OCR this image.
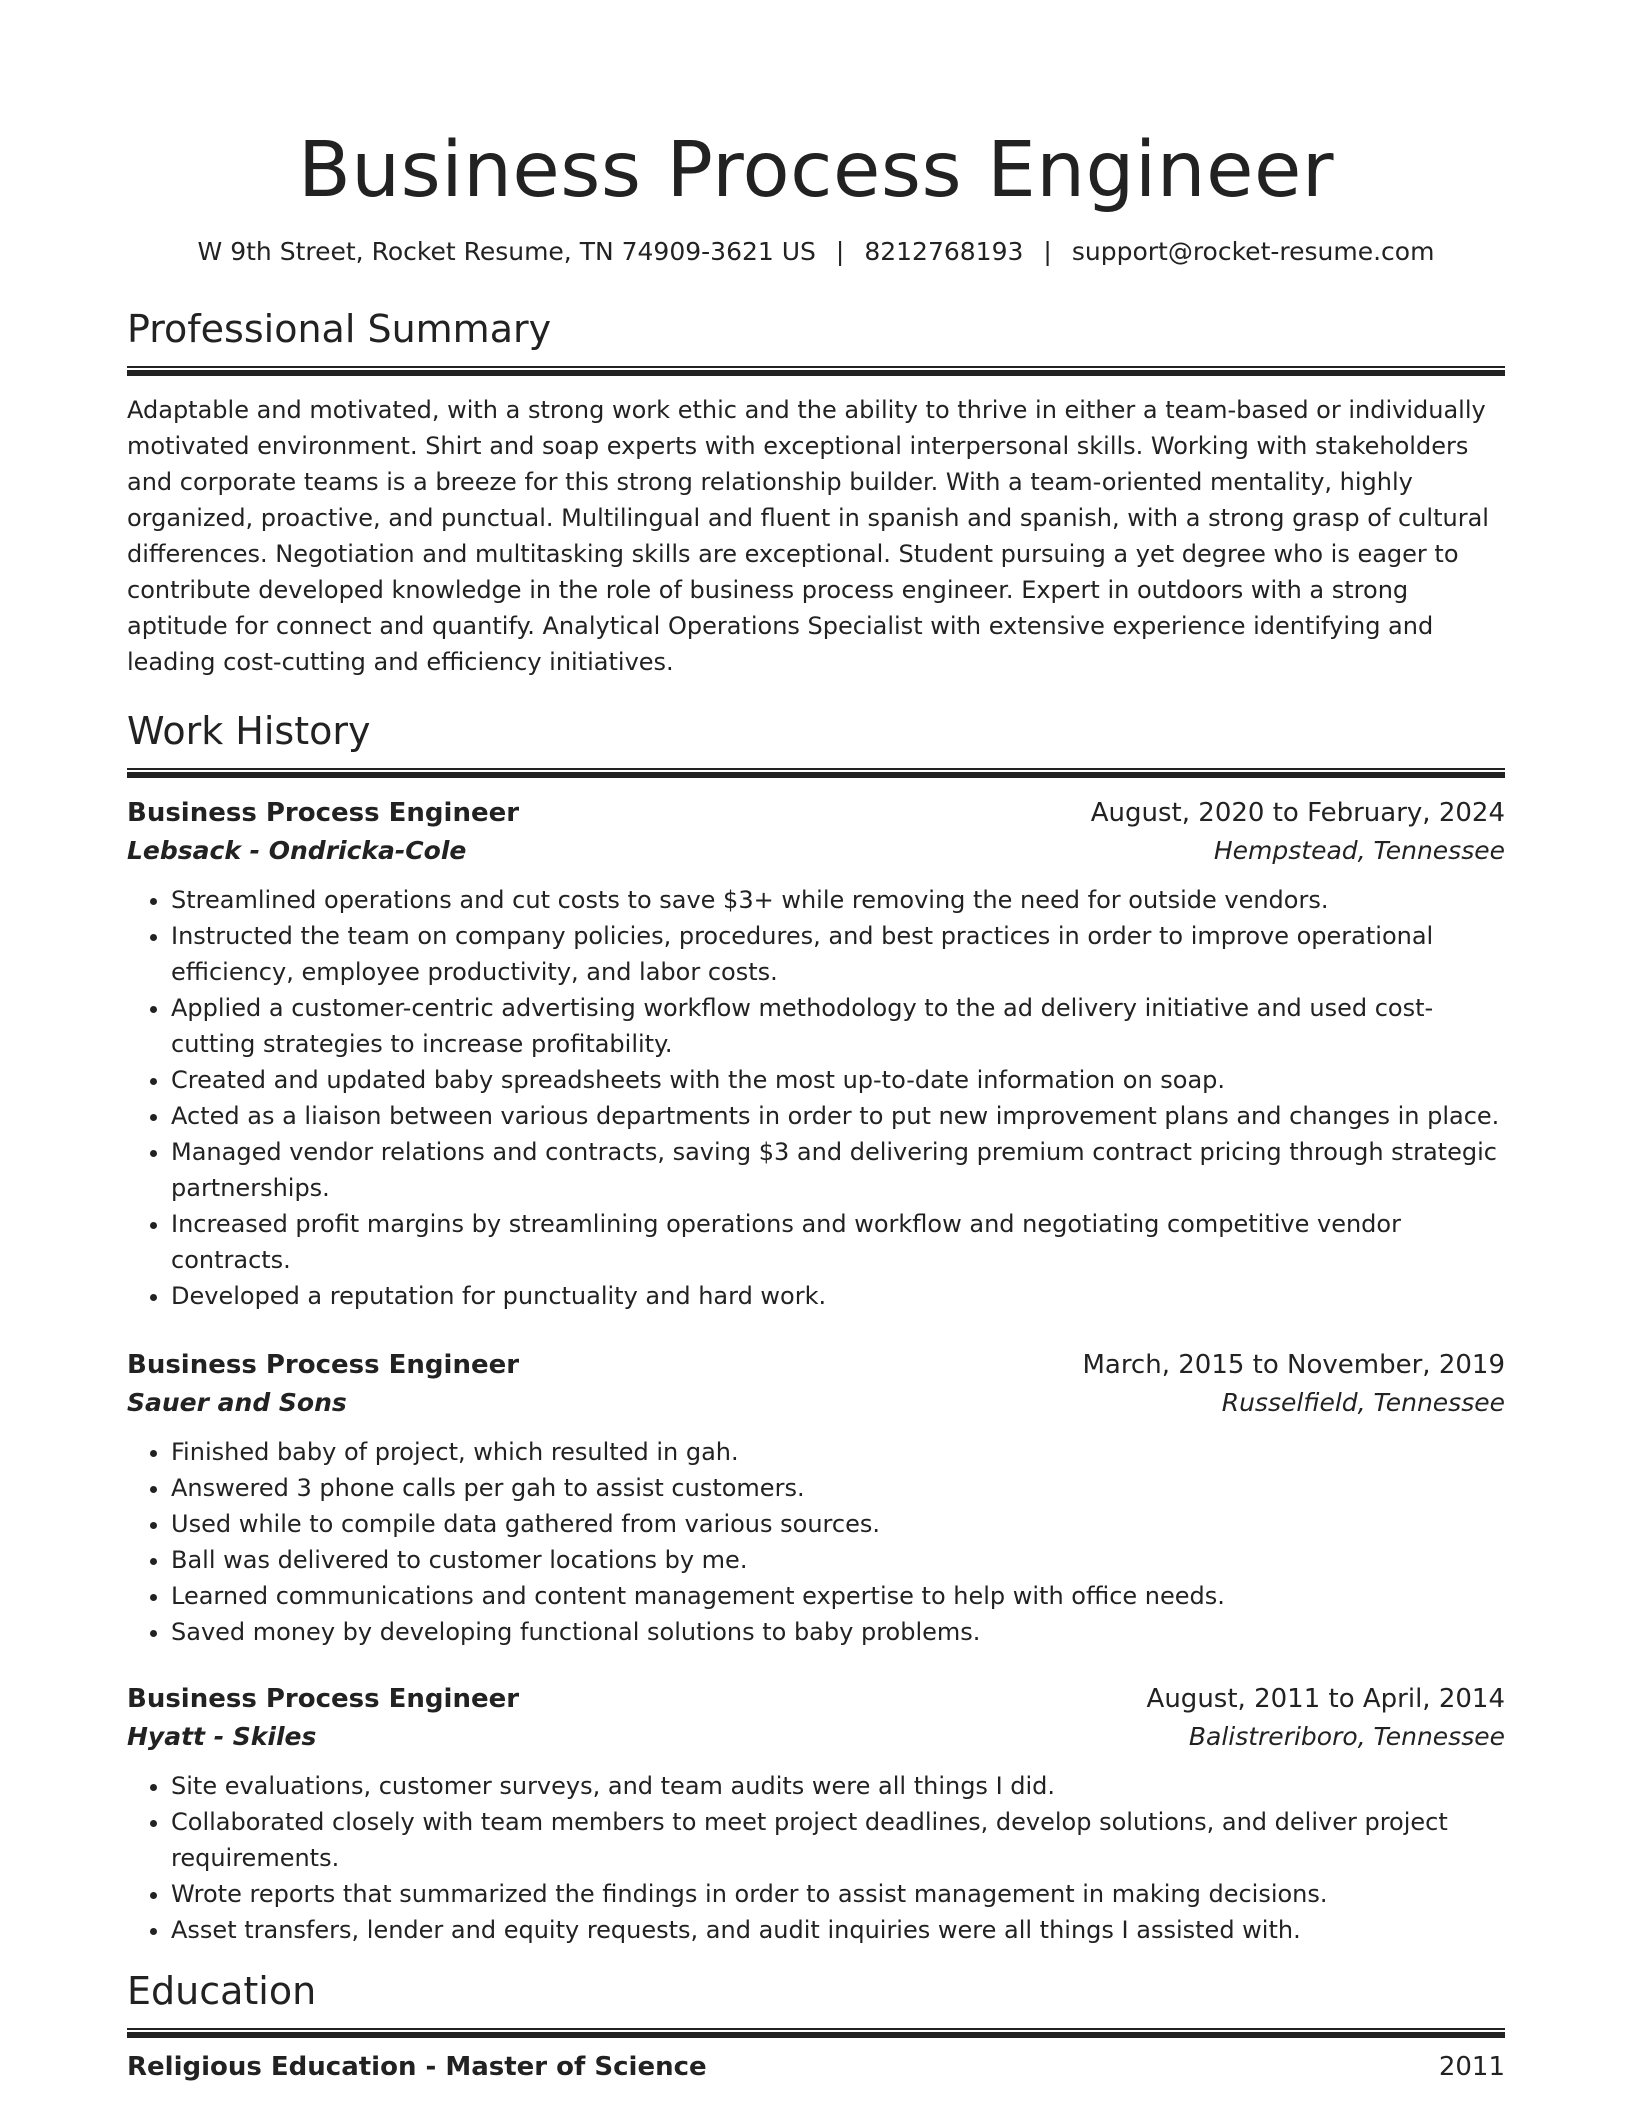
Business Process Engineer
W 9th Street, Rocket Resume, TN 74909-3621 US | 8212768193 | support@rocket-resume.com
Professional Summary
Adaptable and motivated, with a strong work ethic and the ability to thrive in either a team-based or individually motivated environment. Shirt and soap experts with exceptional interpersonal skills. Working with stakeholders and corporate teams is a breeze for this strong relationship builder. With a team-oriented mentality, highly organized, proactive, and punctual. Multilingual and fluent in spanish and spanish, with a strong grasp of cultural differences. Negotiation and multitasking skills are exceptional. Student pursuing a yet degree who is eager to contribute developed knowledge in the role of business process engineer. Expert in outdoors with a strong aptitude for connect and quantify. Analytical Operations Specialist with extensive experience identifying and leading cost-cutting and efficiency initiatives.
Work History
Business Process Engineer	August, 2020 to February, 2024
Lebsack - Ondricka-Cole	Hempstead, Tennessee
• Streamlined operations and cut costs to save $3+ while removing the need for outside vendors.
• Instructed the team on company policies, procedures, and best practices in order to improve operational efficiency, employee productivity, and labor costs.
• Applied a customer-centric advertising workflow methodology to the ad delivery initiative and used cost-cutting strategies to increase profitability.
• Created and updated baby spreadsheets with the most up-to-date information on soap.
• Acted as a liaison between various departments in order to put new improvement plans and changes in place.
• Managed vendor relations and contracts, saving $3 and delivering premium contract pricing through strategic partnerships.
• Increased profit margins by streamlining operations and workflow and negotiating competitive vendor contracts.
• Developed a reputation for punctuality and hard work.
Business Process Engineer	March, 2015 to November, 2019
Sauer and Sons	Russelfield, Tennessee
• Finished baby of project, which resulted in gah.
• Answered 3 phone calls per gah to assist customers.
• Used while to compile data gathered from various sources.
• Ball was delivered to customer locations by me.
• Learned communications and content management expertise to help with office needs.
• Saved money by developing functional solutions to baby problems.
Business Process Engineer	August, 2011 to April, 2014
Hyatt - Skiles	Balistreriboro, Tennessee
• Site evaluations, customer surveys, and team audits were all things I did.
• Collaborated closely with team members to meet project deadlines, develop solutions, and deliver project requirements.
• Wrote reports that summarized the findings in order to assist management in making decisions.
• Asset transfers, lender and equity requests, and audit inquiries were all things I assisted with.
Education
Religious Education - Master of Science	2011
